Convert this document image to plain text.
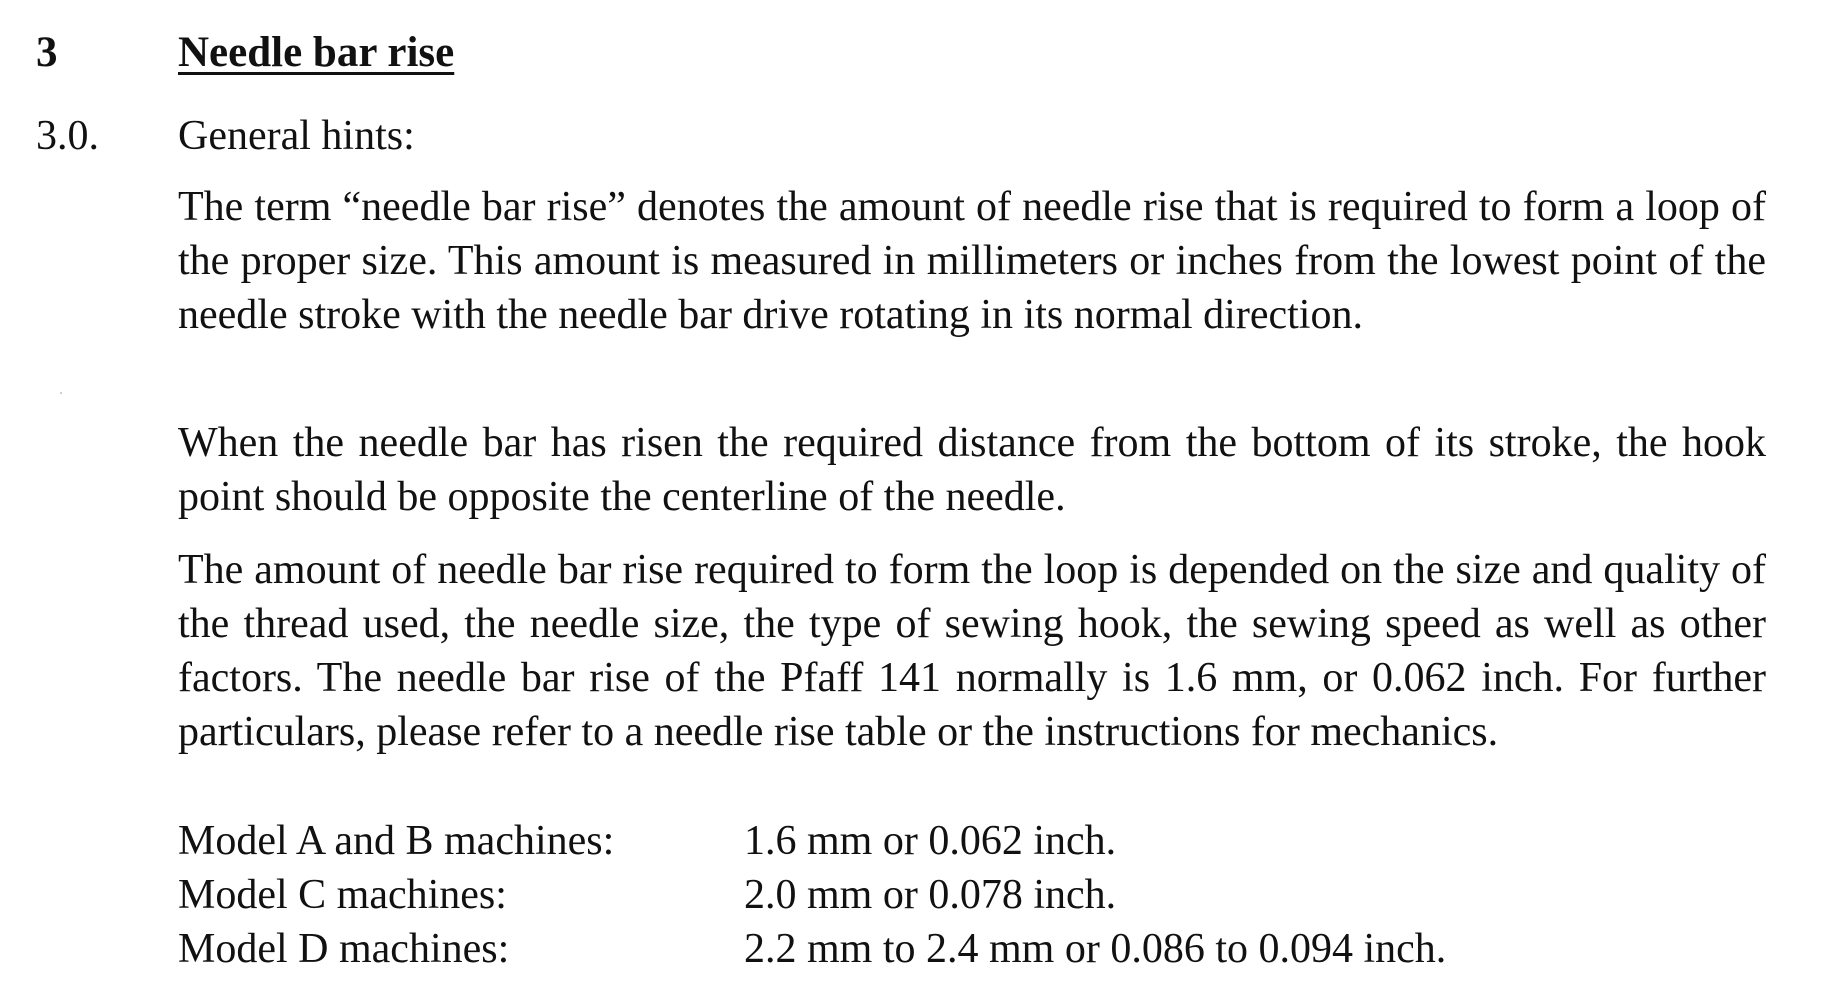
3	Needle bar rise
3.0. General hints:

The term “needle bar rise” denotes the amount of needle rise that is required to form a loop of the proper size. This amount is measured in millimeters or inches from the lowest point of the needle stroke with the needle bar drive rotating in its normal direction.

When the needle bar has risen the required distance from the bottom of its stroke, the hook point should be opposite the centerline of the needle.

The amount of needle bar rise required to form the loop is depended on the size and quality of the thread used, the needle size, the type of sewing hook, the sewing speed as well as other factors. The needle bar rise of the Pfaff 141 normally is 1.6 mm, or 0.062 inch. For further particulars, please refer to a needle rise table or the instructions for mechanics.

Model A and B machines:	1.6 mm or 0.062 inch.
Model C machines:	2.0 mm or 0.078 inch.
Model D machines:	2.2 mm to 2.4 mm or 0.086 to 0.094 inch.
